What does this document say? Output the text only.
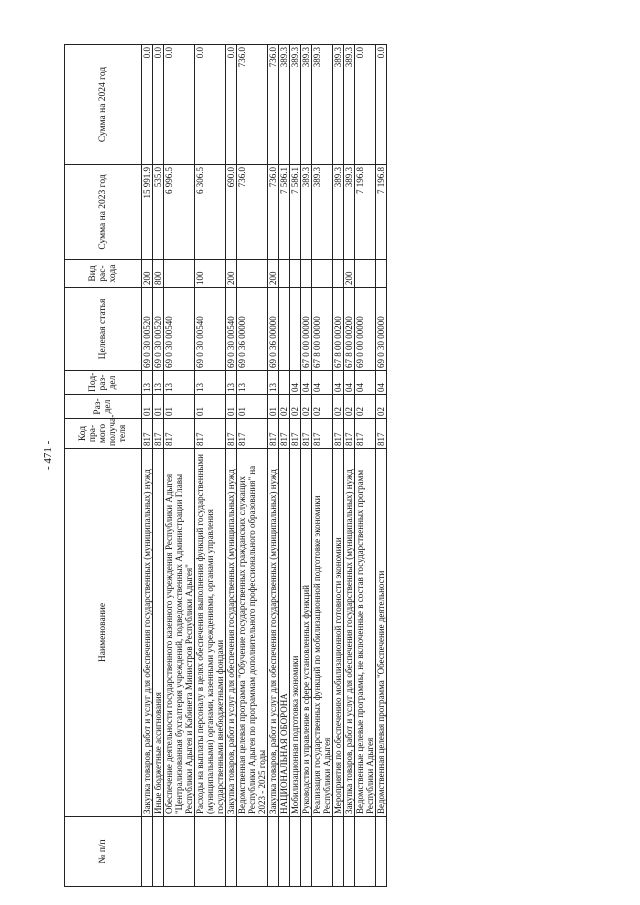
- 471 -
№ п/п	Наименование	Код пра-мого получа-теля	Раз-дел	Под-раз-дел	Целевая статья	Вид рас-хода	Сумма на 2023 год	Сумма на 2024 год
	Закупка товаров, работ и услуг для обеспечения государственных (муниципальных) нужд	817	01	13	69 0 30 00520	200	15 991.9	0.0
	Иные бюджетные ассигнования	817	01	13	69 0 30 00520	800	535.0	0.0
	Обеспечение деятельности государственного казенного учреждения Республики Адыгея "Централизованная бухгалтерия учреждений, подведомственных Администрации Главы Республики Адыгея и Кабинета Министров Республики Адыгея"	817	01	13	69 0 30 00540		6 996.5	0.0
	Расходы на выплаты персоналу в целях обеспечения выполнения функций государственными (муниципальными) органами, казенными учреждениями, органами управления государственными внебюджетными фондами	817	01	13	69 0 30 00540	100	6 306.5	0.0
	Закупка товаров, работ и услуг для обеспечения государственных (муниципальных) нужд	817	01	13	69 0 30 00540	200	690.0	0.0
	Ведомственная целевая программа "Обучение государственных гражданских служащих Республики Адыгея по программам дополнительного профессионального образования" на 2023 - 2025 годы	817	01	13	69 0 36 00000		736.0	736.0
	Закупка товаров, работ и услуг для обеспечения государственных (муниципальных) нужд	817	01	13	69 0 36 00000	200	736.0	736.0
	НАЦИОНАЛЬНАЯ ОБОРОНА	817	02				7 586.1	389.3
	Мобилизационная подготовка экономики	817	02	04			7 586.1	389.3
	Руководство и управление в сфере установленных функций	817	02	04	67 0 00 00000		389.3	389.3
	Реализация государственных функций по мобилизационной подготовке экономики Республики Адыгея	817	02	04	67 8 00 00000		389.3	389.3
	Мероприятия по обеспечению мобилизационной готовности экономики	817	02	04	67 8 00 00200		389.3	389.3
	Закупка товаров, работ и услуг для обеспечения государственных (муниципальных) нужд	817	02	04	67 8 00 00200	200	389.3	389.3
	Ведомственные целевые программы, не включенные в состав государственных программ Республики Адыгея	817	02	04	69 0 00 00000		7 196.8	0.0
	Ведомственная целевая программа "Обеспечение деятельности	817	02	04	69 0 30 00000		7 196.8	0.0
